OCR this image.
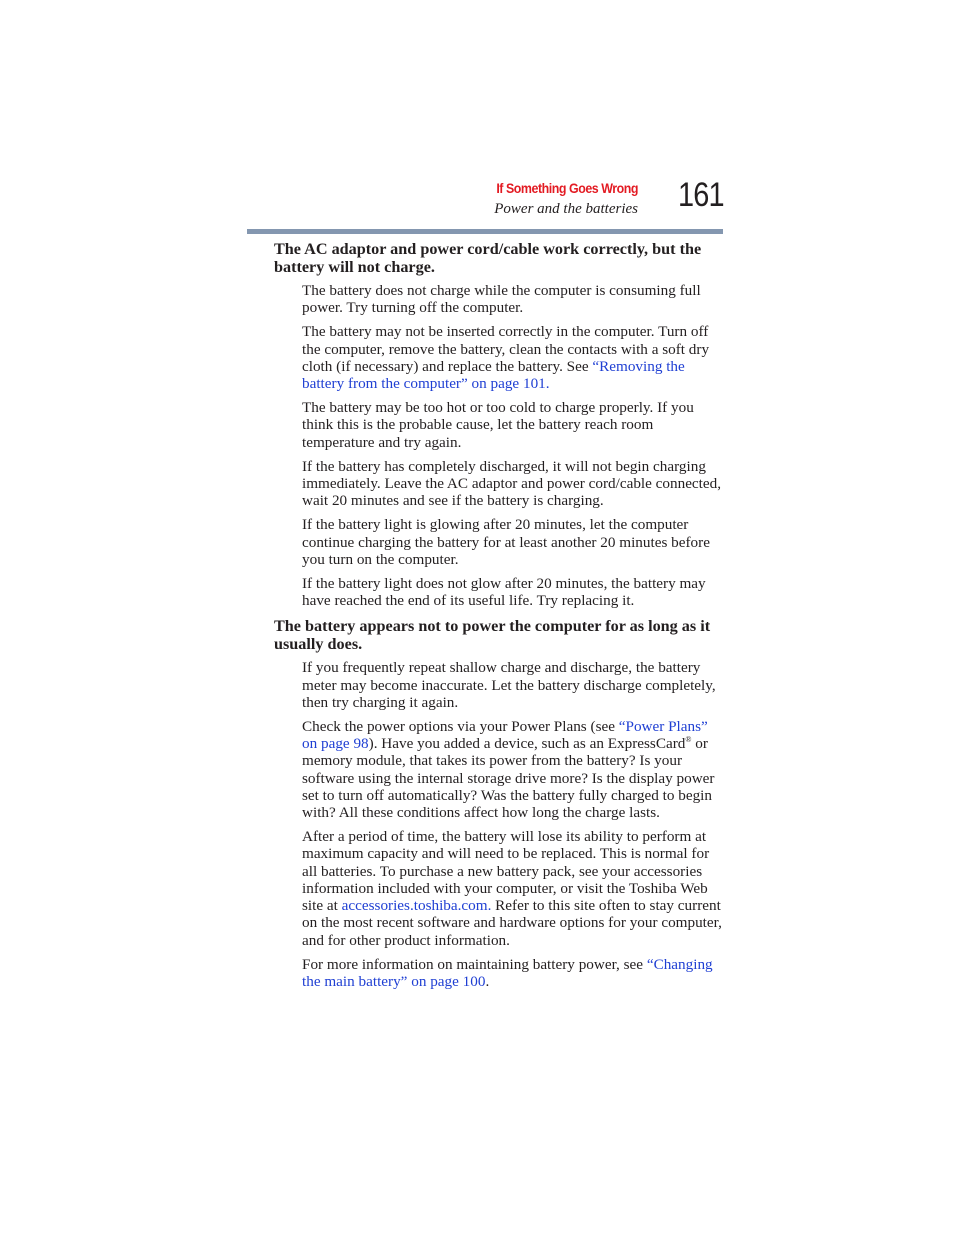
If Something Goes Wrong
Power and the batteries 161
The AC adaptor and power cord/cable work correctly, but the battery will not charge.

The battery does not charge while the computer is consuming full power. Try turning off the computer.

The battery may not be inserted correctly in the computer. Turn off the computer, remove the battery, clean the contacts with a soft dry cloth (if necessary) and replace the battery. See “Removing the battery from the computer” on page 101.

The battery may be too hot or too cold to charge properly. If you think this is the probable cause, let the battery reach room temperature and try again.

If the battery has completely discharged, it will not begin charging immediately. Leave the AC adaptor and power cord/cable connected, wait 20 minutes and see if the battery is charging.

If the battery light is glowing after 20 minutes, let the computer continue charging the battery for at least another 20 minutes before you turn on the computer.

If the battery light does not glow after 20 minutes, the battery may have reached the end of its useful life. Try replacing it.

The battery appears not to power the computer for as long as it usually does.

If you frequently repeat shallow charge and discharge, the battery meter may become inaccurate. Let the battery discharge completely, then try charging it again.

Check the power options via your Power Plans (see “Power Plans” on page 98). Have you added a device, such as an ExpressCard® or memory module, that takes its power from the battery? Is your software using the internal storage drive more? Is the display power set to turn off automatically? Was the battery fully charged to begin with? All these conditions affect how long the charge lasts.

After a period of time, the battery will lose its ability to perform at maximum capacity and will need to be replaced. This is normal for all batteries. To purchase a new battery pack, see your accessories information included with your computer, or visit the Toshiba Web site at accessories.toshiba.com. Refer to this site often to stay current on the most recent software and hardware options for your computer, and for other product information.

For more information on maintaining battery power, see “Changing the main battery” on page 100.
